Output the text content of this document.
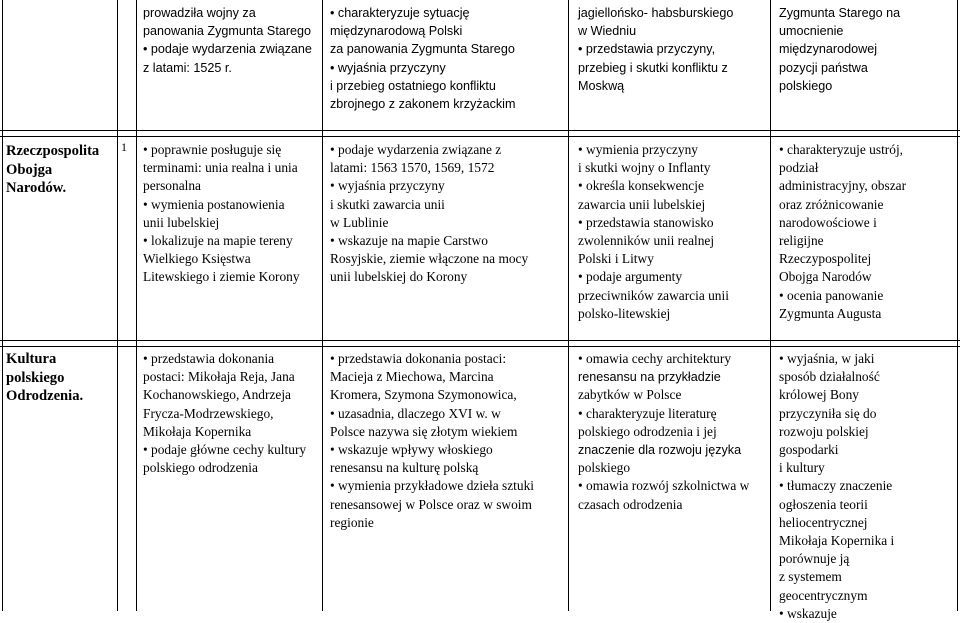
prowadziła wojny za
panowania Zygmunta Starego
• podaje wydarzenia związane
z latami: 1525 r.
• charakteryzuje sytuację
międzynarodową Polski
za panowania Zygmunta Starego
• wyjaśnia przyczyny
i przebieg ostatniego konfliktu
zbrojnego z zakonem krzyżackim
jagiellońsko- habsburskiego
w Wiedniu
• przedstawia przyczyny,
przebieg i skutki konfliktu z
Moskwą
Zygmunta Starego na
umocnienie
międzynarodowej
pozycji państwa
polskiego
Rzeczpospolita
Obojga
Narodów.
1 • poprawnie posługuje się
terminami: unia realna i unia
personalna
• wymienia postanowienia
unii lubelskiej
• lokalizuje na mapie tereny
Wielkiego Księstwa
Litewskiego i ziemie Korony
• podaje wydarzenia związane z
latami: 1563 1570, 1569, 1572
• wyjaśnia przyczyny
i skutki zawarcia unii
w Lublinie
• wskazuje na mapie Carstwo
Rosyjskie, ziemie włączone na mocy
unii lubelskiej do Korony
• wymienia przyczyny
i skutki wojny o Inflanty
• określa konsekwencje
zawarcia unii lubelskiej
• przedstawia stanowisko
zwolenników unii realnej
Polski i Litwy
• podaje argumenty
przeciwników zawarcia unii
polsko-litewskiej
• charakteryzuje ustrój,
podział
administracyjny, obszar
oraz zróżnicowanie
narodowościowe i
religijne
Rzeczypospolitej
Obojga Narodów
• ocenia panowanie
Zygmunta Augusta
Kultura
polskiego
Odrodzenia.
• przedstawia dokonania
postaci: Mikołaja Reja, Jana
Kochanowskiego, Andrzeja
Frycza-Modrzewskiego,
Mikołaja Kopernika
• podaje główne cechy kultury
polskiego odrodzenia
• przedstawia dokonania postaci:
Macieja z Miechowa, Marcina
Kromera, Szymona Szymonowica,
• uzasadnia, dlaczego XVI w. w
Polsce nazywa się złotym wiekiem
• wskazuje wpływy włoskiego
renesansu na kulturę polską
• wymienia przykładowe dzieła sztuki
renesansowej w Polsce oraz w swoim
regionie
• omawia cechy architektury
renesansu na przykładzie
zabytków w Polsce
• charakteryzuje literaturę
polskiego odrodzenia i jej
znaczenie dla rozwoju języka
polskiego
• omawia rozwój szkolnictwa w
czasach odrodzenia
• wyjaśnia, w jaki
sposób działalność
królowej Bony
przyczyniła się do
rozwoju polskiej
gospodarki
i kultury
• tłumaczy znaczenie
ogłoszenia teorii
heliocentrycznej
Mikołaja Kopernika i
porównuje ją
z systemem
geocentrycznym
• wskazuje
